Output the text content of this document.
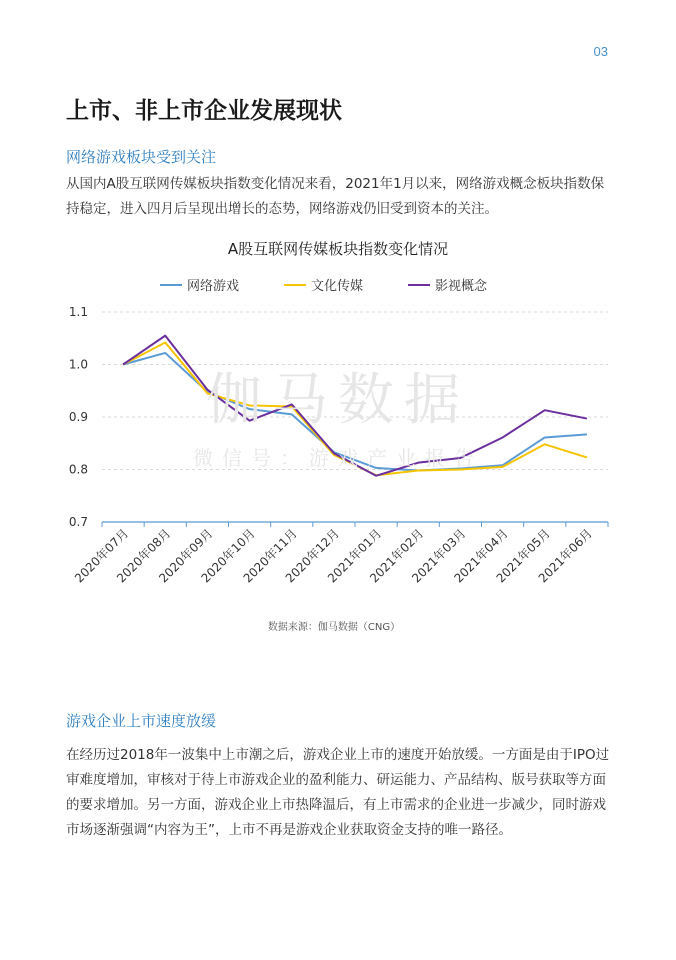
03
上市、非上市企业发展现状
网络游戏板块受到关注

从国内A股互联网传媒板块指数变化情况来看，2021年1月以来，网络游戏概念板块指数保持稳定，进入四月后呈现出增长的态势，网络游戏仍旧受到资本的关注。

A股互联网传媒板块指数变化情况
网络游戏	文化传媒	影视概念
0.7
0.8
0.9
1.0
1.1
2020年07月
2020年08月
2020年09月
2020年10月
2020年11月
2020年12月
2021年01月
2021年02月
2021年03月
2021年04月
2021年05月
2021年06月
数据来源：伽马数据（CNG）
伽马数据
微信号：游戏产业报告
游戏企业上市速度放缓

在经历过2018年一波集中上市潮之后，游戏企业上市的速度开始放缓。一方面是由于IPO过审难度增加，审核对于待上市游戏企业的盈利能力、研运能力、产品结构、版号获取等方面的要求增加。另一方面，游戏企业上市热降温后，有上市需求的企业进一步减少，同时游戏市场逐渐强调“内容为王”，上市不再是游戏企业获取资金支持的唯一路径。
